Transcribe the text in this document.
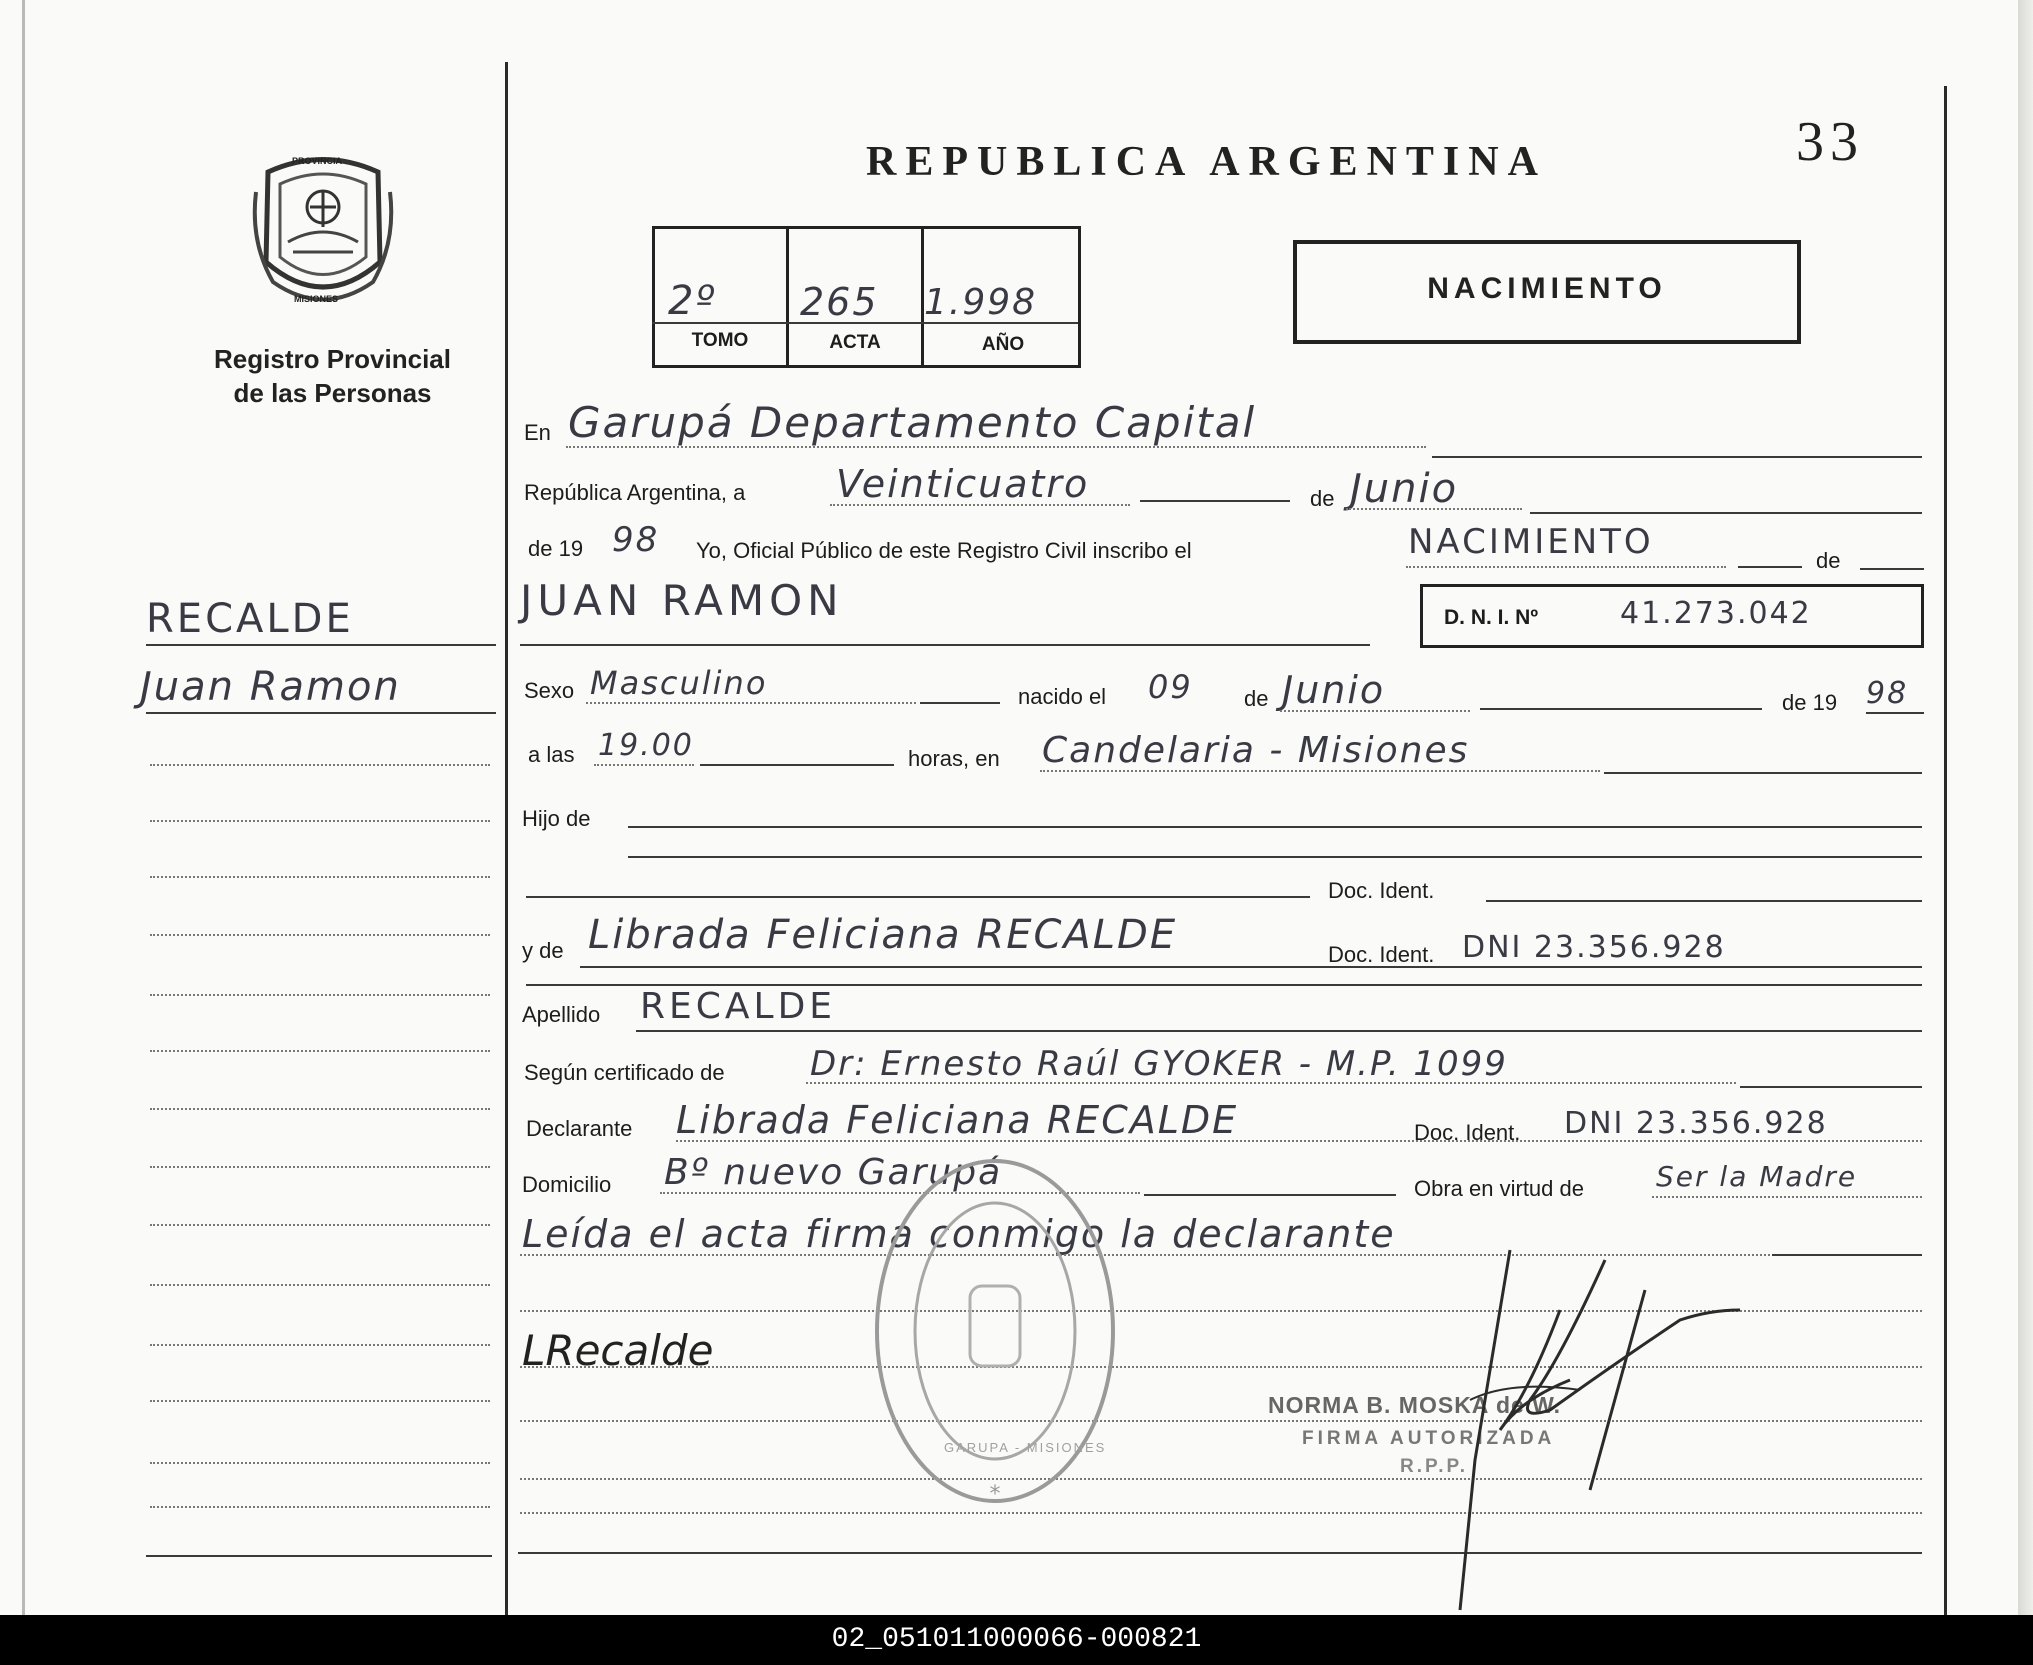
PROVINCIA
MISIONES
Registro Provincial
de las Personas
REPUBLICA ARGENTINA	33
2º 265 1.998
TOMO	ACTA	AÑO
NACIMIENTO
RECALDE
Juan Ramon
En Garupá Departamento Capital
República Argentina, a Veinticuatro	de Junio
de 19 98 Yo, Oficial Público de este Registro Civil inscribo el	NACIMIENTO	de
JUAN RAMON	D. N. I. Nº	41.273.042
Sexo Masculino	nacido el 09 de Junio	de 19 98
a las 19.00	horas, en Candelaria - Misiones
Hijo de
Doc. Ident.
y de Librada Feliciana RECALDE	Doc. Ident. DNI 23.356.928
Apellido RECALDE
Según certificado de	Dr: Ernesto Raúl GYOKER - M.P. 1099
Declarante Librada Feliciana RECALDE	Doc. Ident. DNI 23.356.928
Domicilio Bº nuevo Garupá	Obra en virtud de	Ser la Madre
Leída el acta firma conmigo la declarante
LRecalde
NORMA B. MOSKA de W.
FIRMA AUTORIZADA
R.P.P.
*
GARUPA - MISIONES
02_051011000066-000821
